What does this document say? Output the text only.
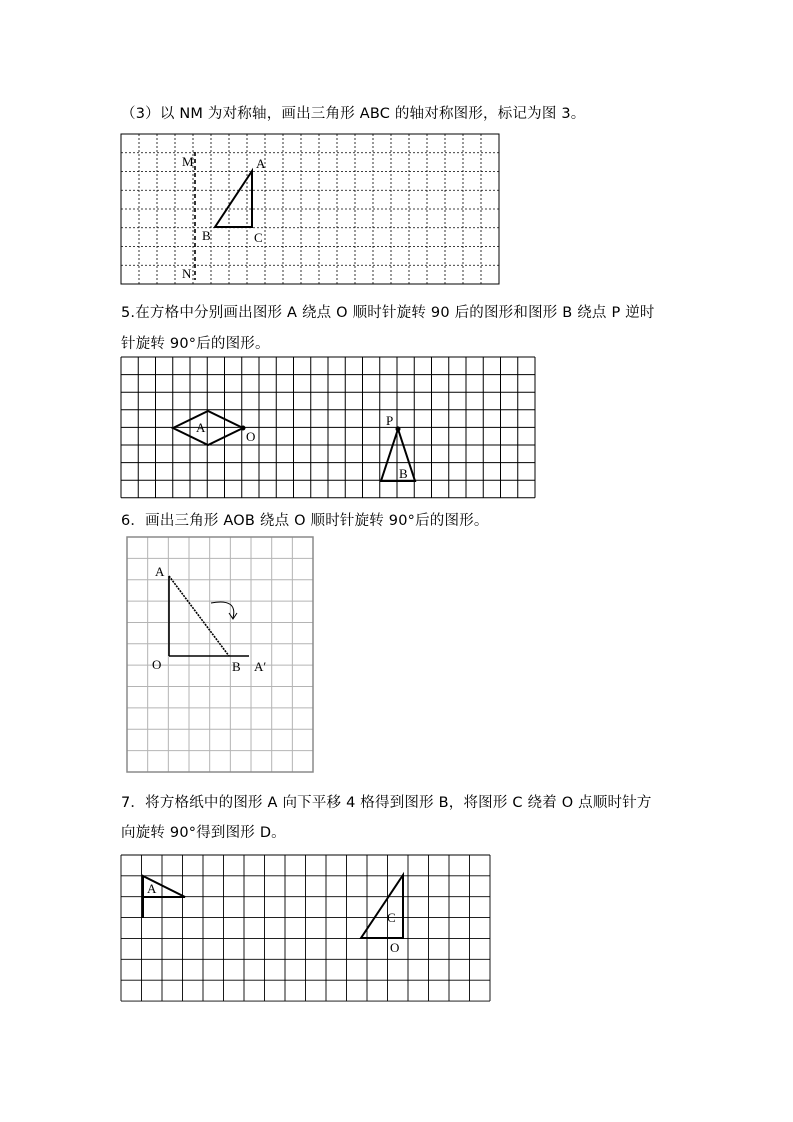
（3）以 NM 为对称轴，画出三角形 ABC 的轴对称图形，标记为图 3。
M
N
A
B	C
5.在方格中分别画出图形 A 绕点 O 顺时针旋转 90 后的图形和图形 B 绕点 P 逆时
针旋转 90°后的图形。
A
O
P
B
6．画出三角形 AOB 绕点 O 顺时针旋转 90°后的图形。
A
O	B A′
7．将方格纸中的图形 A 向下平移 4 格得到图形 B，将图形 C 绕着 O 点顺时针方
向旋转 90°得到图形 D。
A
C
O
